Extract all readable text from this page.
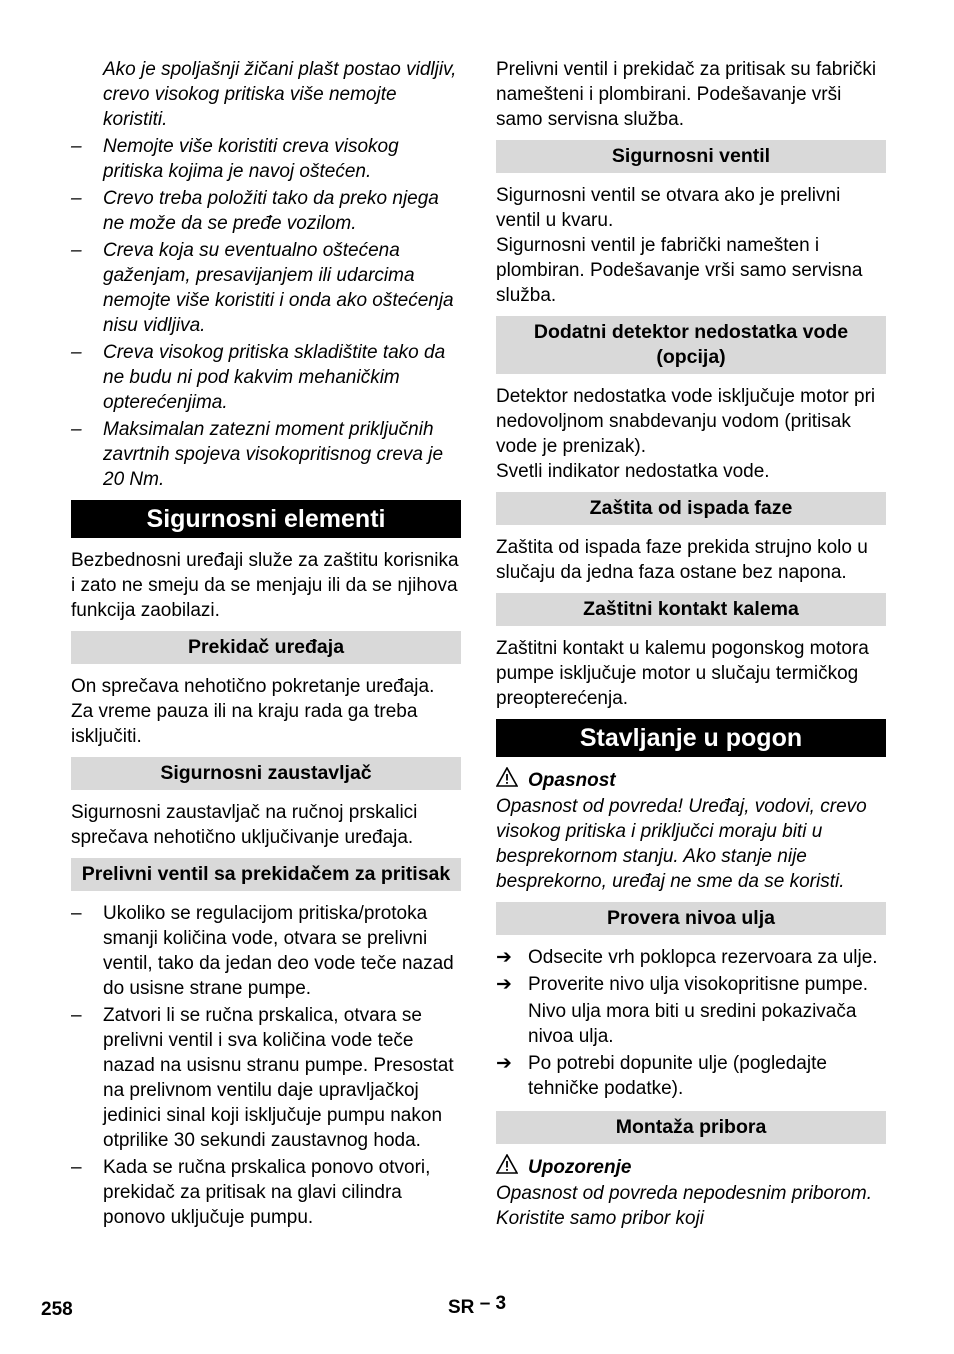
Ako je spoljašnji žičani plašt postao vidljiv, crevo visokog pritiska više nemojte koristiti.

–	Nemojte više koristiti creva visokog pritiska kojima je navoj oštećen.
–	Crevo treba položiti tako da preko njega ne može da se pređe vozilom.
–	Creva koja su eventualno oštećena gaženjam, presavijanjem ili udarcima nemojte više koristiti i onda ako oštećenja nisu vidljiva.
–	Creva visokog pritiska skladištite tako da ne budu ni pod kakvim mehaničkim opterećenjima.
–	Maksimalan zatezni moment priključnih zavrtnih spojeva visokopritisnog creva je 20 Nm.
Sigurnosni elementi

Bezbednosni uređaji služe za zaštitu korisnika i zato ne smeju da se menjaju ili da se njihova funkcija zaobilazi.

Prekidač uređaja

On sprečava nehotično pokretanje uređaja. Za vreme pauza ili na kraju rada ga treba isključiti.

Sigurnosni zaustavljač

Sigurnosni zaustavljač na ručnoj prskalici sprečava nehotično uključivanje uređaja.

Prelivni ventil sa prekidačem za pritisak
–	Ukoliko se regulacijom pritiska/protoka smanji količina vode, otvara se prelivni ventil, tako da jedan deo vode teče nazad do usisne strane pumpe.
–	Zatvori li se ručna prskalica, otvara se prelivni ventil i sva količina vode teče nazad na usisnu stranu pumpe. Presostat na prelivnom ventilu daje upravljačkoj jedinici sinal koji isključuje pumpu nakon otprilike 30 sekundi zaustavnog hoda.
–	Kada se ručna prskalica ponovo otvori, prekidač za pritisak na glavi cilindra ponovo uključuje pumpu.

Prelivni ventil i prekidač za pritisak su fabrički namešteni i plombirani. Podešavanje vrši samo servisna služba.

Sigurnosni ventil

Sigurnosni ventil se otvara ako je prelivni ventil u kvaru.

Sigurnosni ventil je fabrički namešten i plombiran. Podešavanje vrši samo servisna služba.

Dodatni detektor nedostatka vode (opcija)

Detektor nedostatka vode isključuje motor pri nedovoljnom snabdevanju vodom (pritisak vode je prenizak).

Svetli indikator nedostatka vode.

Zaštita od ispada faze

Zaštita od ispada faze prekida strujno kolo u slučaju da jedna faza ostane bez napona.

Zaštitni kontakt kalema

Zaštitni kontakt u kalemu pogonskog motora pumpe isključuje motor u slučaju termičkog preopterećenja.

Stavljanje u pogon
Opasnost

Opasnost od povreda! Uređaj, vodovi, crevo visokog pritiska i priključci moraju biti u besprekornom stanju. Ako stanje nije besprekorno, uređaj ne sme da se koristi.

Provera nivoa ulja
➔ Odsecite vrh poklopca rezervoara za ulje.
➔ Proverite nivo ulja visokopritisne pumpe.

Nivo ulja mora biti u sredini pokazivača nivoa ulja.

➔ Po potrebi dopunite ulje (pogledajte tehničke podatke).
Montaža pribora
Upozorenje

Opasnost od povreda nepodesnim priborom. Koristite samo pribor koji

258	SR – 3
